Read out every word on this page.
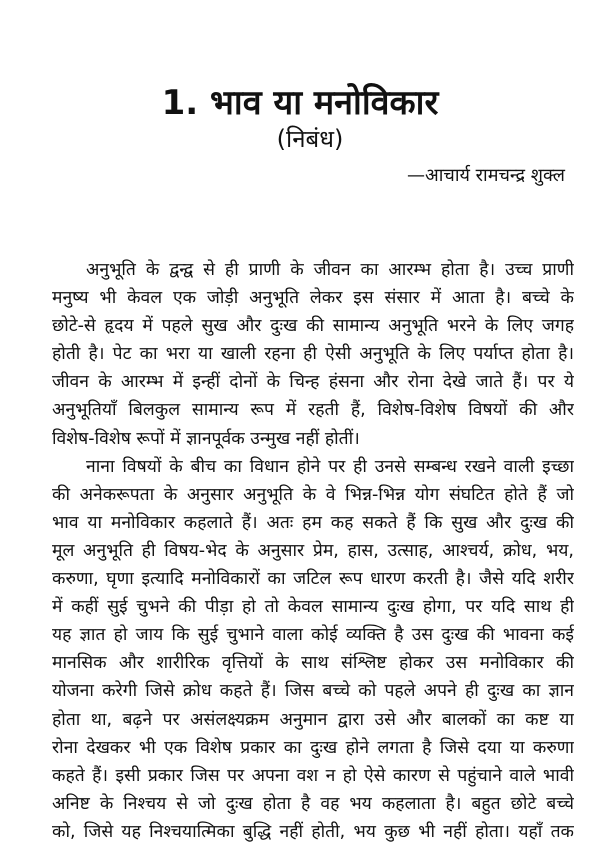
1. भाव या मनोविकार
(निबंध)
—आचार्य रामचन्द्र शुक्ल
अनुभूति के द्वन्द्व से ही प्राणी के जीवन का आरम्भ होता है। उच्च प्राणी
मनुष्य भी केवल एक जोड़ी अनुभूति लेकर इस संसार में आता है। बच्चे के
छोटे-से हृदय में पहले सुख और दुःख की सामान्य अनुभूति भरने के लिए जगह
होती है। पेट का भरा या खाली रहना ही ऐसी अनुभूति के लिए पर्याप्त होता है।
जीवन के आरम्भ में इन्हीं दोनों के चिन्ह हंसना और रोना देखे जाते हैं। पर ये
अनुभूतियाँ बिलकुल सामान्य रूप में रहती हैं, विशेष-विशेष विषयों की और
विशेष-विशेष रूपों में ज्ञानपूर्वक उन्मुख नहीं होतीं।
नाना विषयों के बीच का विधान होने पर ही उनसे सम्बन्ध रखने वाली इच्छा
की अनेकरूपता के अनुसार अनुभूति के वे भिन्न-भिन्न योग संघटित होते हैं जो
भाव या मनोविकार कहलाते हैं। अतः हम कह सकते हैं कि सुख और दुःख की
मूल अनुभूति ही विषय-भेद के अनुसार प्रेम, हास, उत्साह, आश्चर्य, क्रोध, भय,
करुणा, घृणा इत्यादि मनोविकारों का जटिल रूप धारण करती है। जैसे यदि शरीर
में कहीं सुई चुभने की पीड़ा हो तो केवल सामान्य दुःख होगा, पर यदि साथ ही
यह ज्ञात हो जाय कि सुई चुभाने वाला कोई व्यक्ति है उस दुःख की भावना कई
मानसिक और शारीरिक वृत्तियों के साथ संश्लिष्ट होकर उस मनोविकार की
योजना करेगी जिसे क्रोध कहते हैं। जिस बच्चे को पहले अपने ही दुःख का ज्ञान
होता था, बढ़ने पर असंलक्ष्यक्रम अनुमान द्वारा उसे और बालकों का कष्ट या
रोना देखकर भी एक विशेष प्रकार का दुःख होने लगता है जिसे दया या करुणा
कहते हैं। इसी प्रकार जिस पर अपना वश न हो ऐसे कारण से पहुंचाने वाले भावी
अनिष्ट के निश्चय से जो दुःख होता है वह भय कहलाता है। बहुत छोटे बच्चे
को, जिसे यह निश्चयात्मिका बुद्धि नहीं होती, भय कुछ भी नहीं होता। यहाँ तक
